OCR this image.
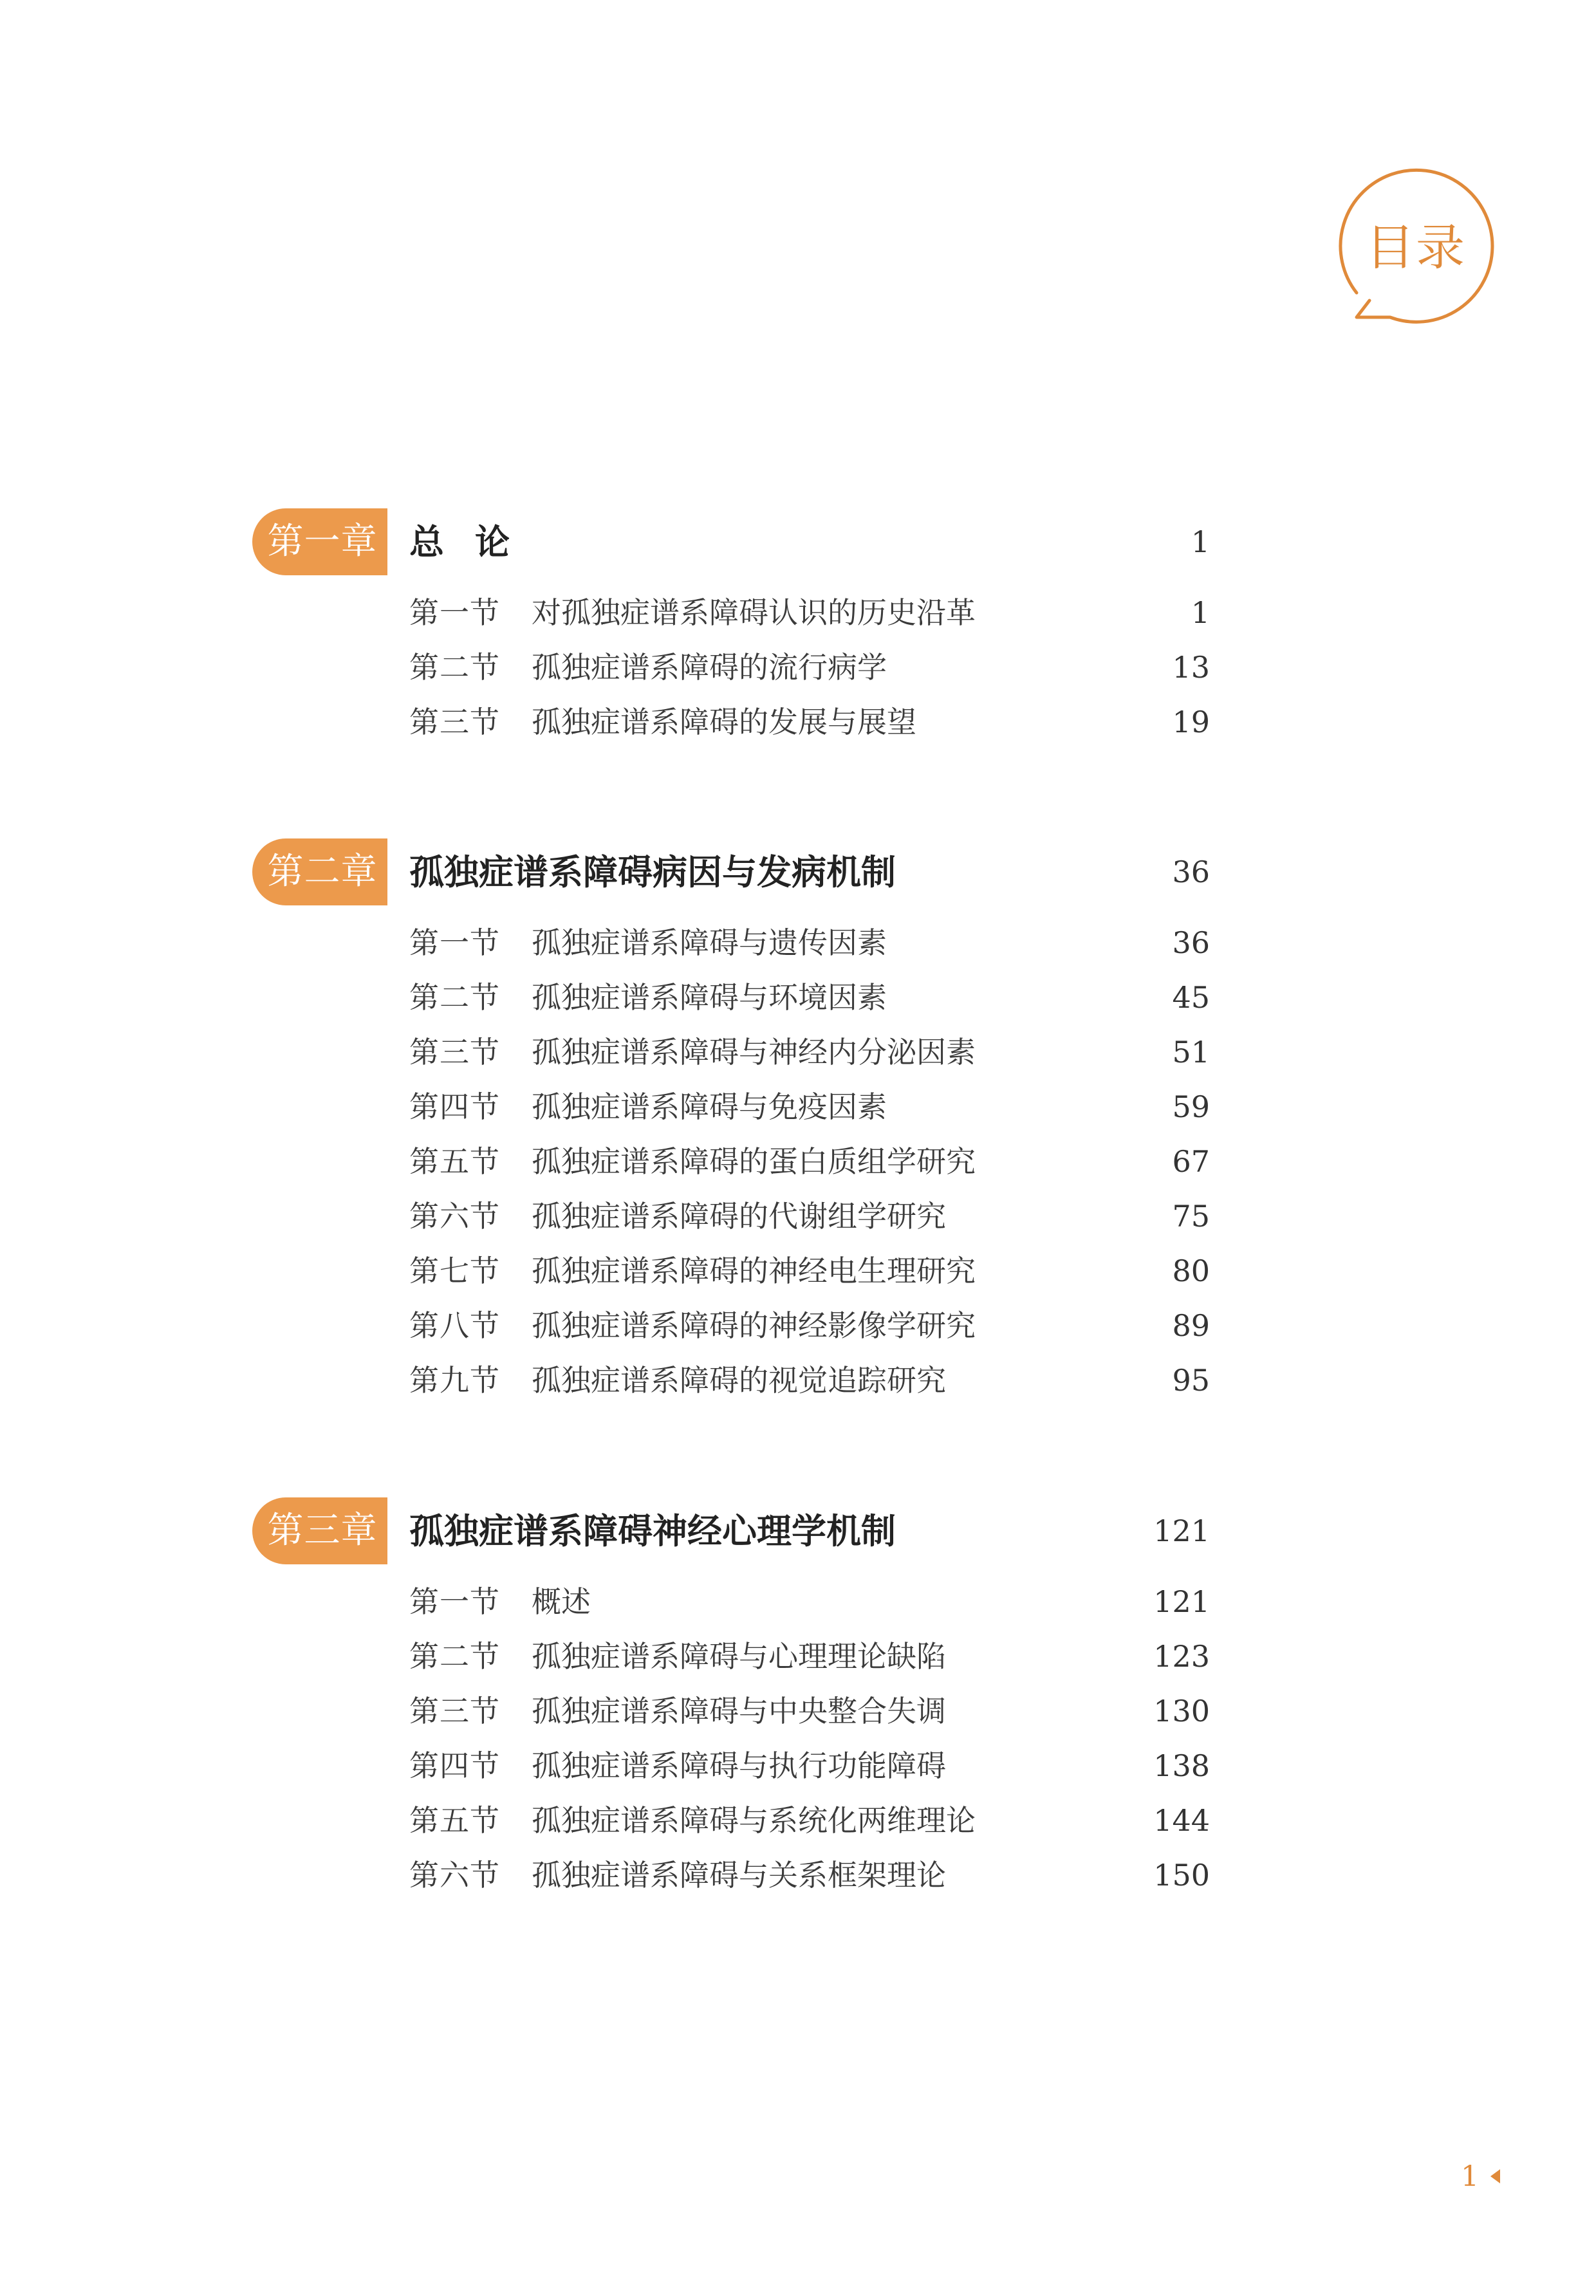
目录
第一章 总论	1
第一节 对孤独症谱系障碍认识的历史沿革	1
第二节 孤独症谱系障碍的流行病学	13
第三节 孤独症谱系障碍的发展与展望	19
第二章 孤独症谱系障碍病因与发病机制	36
第一节 孤独症谱系障碍与遗传因素	36
第二节 孤独症谱系障碍与环境因素	45
第三节 孤独症谱系障碍与神经内分泌因素	51
第四节 孤独症谱系障碍与免疫因素	59
第五节 孤独症谱系障碍的蛋白质组学研究	67
第六节 孤独症谱系障碍的代谢组学研究	75
第七节 孤独症谱系障碍的神经电生理研究	80
第八节 孤独症谱系障碍的神经影像学研究	89
第九节 孤独症谱系障碍的视觉追踪研究	95
第三章 孤独症谱系障碍神经心理学机制	121
第一节 概述	121
第二节 孤独症谱系障碍与心理理论缺陷	123
第三节 孤独症谱系障碍与中央整合失调	130
第四节 孤独症谱系障碍与执行功能障碍	138
第五节 孤独症谱系障碍与系统化两维理论	144
第六节 孤独症谱系障碍与关系框架理论	150
1
